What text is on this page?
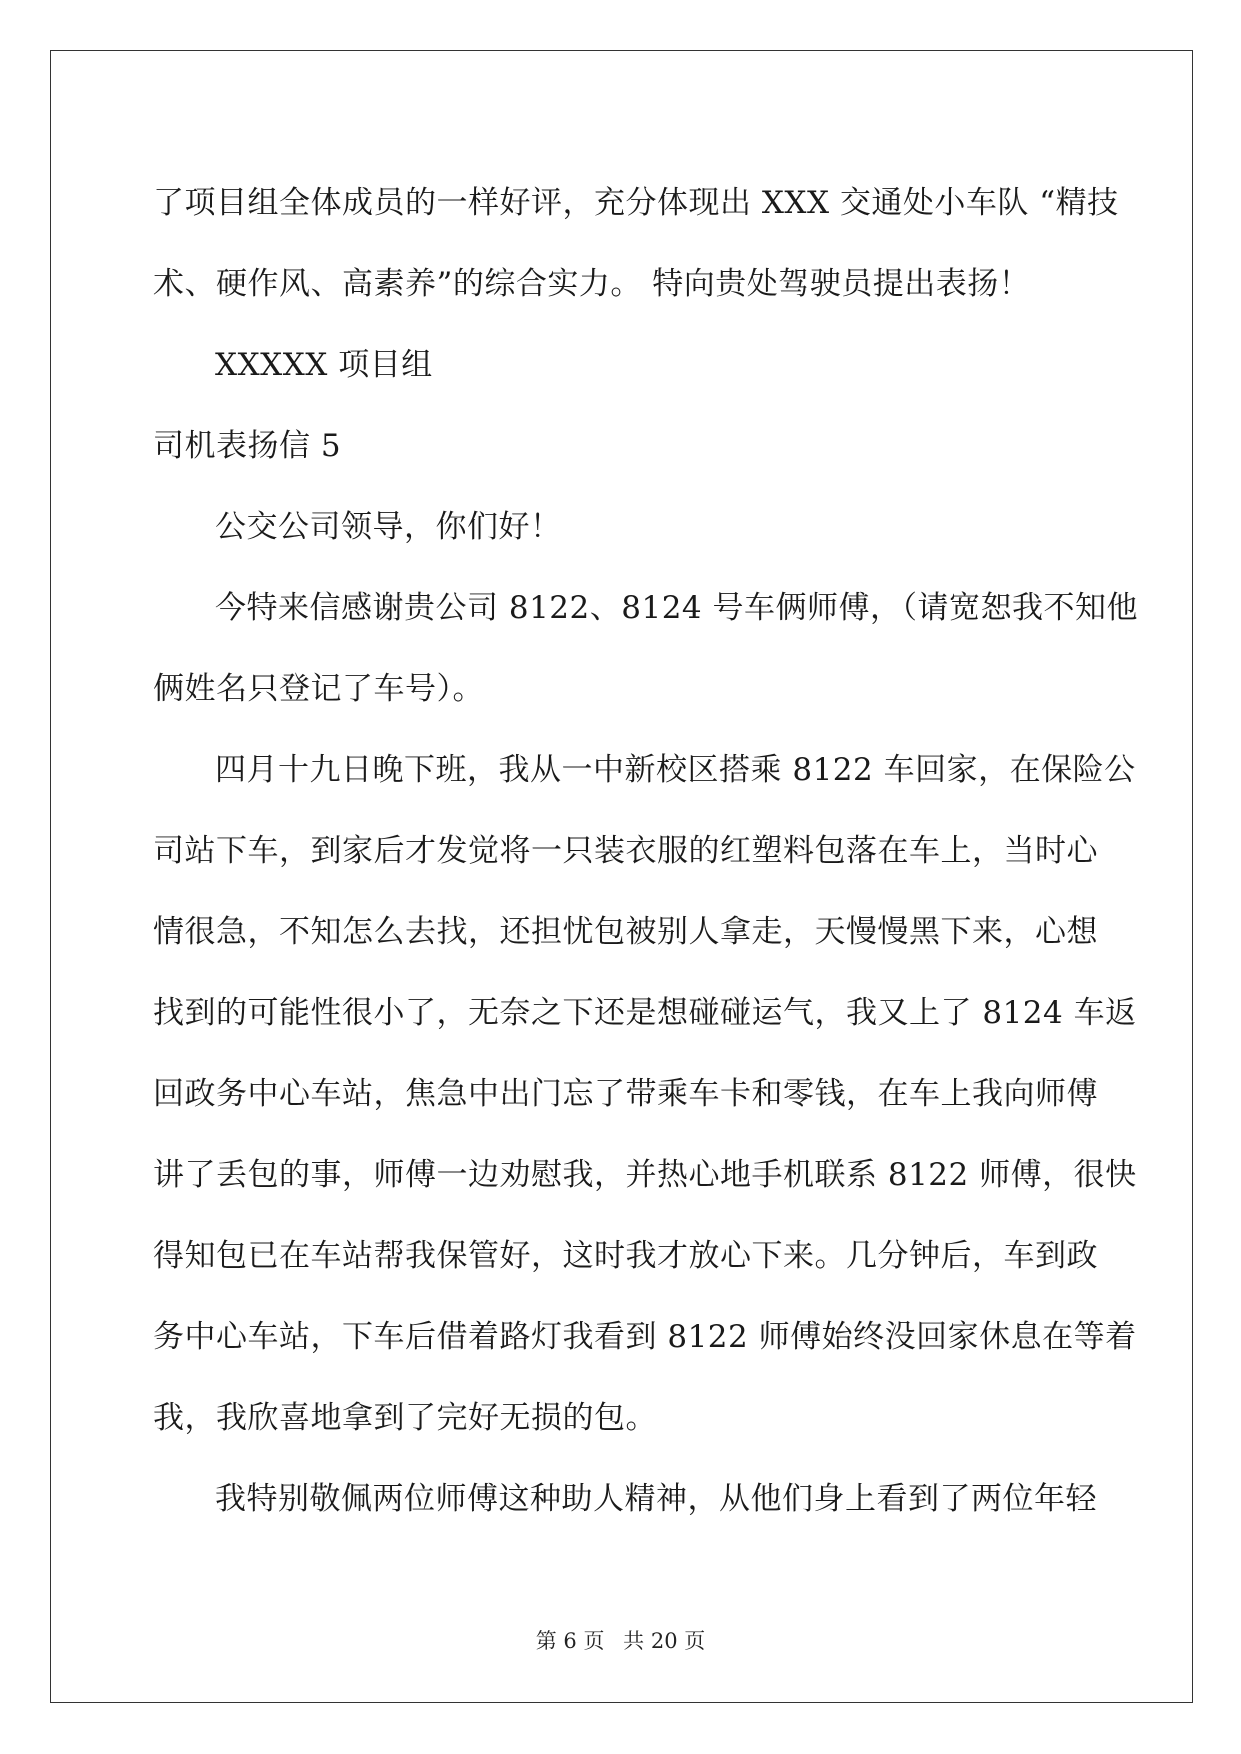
了项目组全体成员的一样好评，充分体现出 XXX 交通处小车队 “精技
术、硬作风、高素养”的综合实力。 特向贵处驾驶员提出表扬！
XXXXX 项目组
司机表扬信 5
公交公司领导，你们好！
今特来信感谢贵公司 8122、8124 号车俩师傅，（请宽恕我不知他
俩姓名只登记了车号）。
四月十九日晚下班，我从一中新校区搭乘 8122 车回家，在保险公
司站下车，到家后才发觉将一只装衣服的红塑料包落在车上，当时心
情很急，不知怎么去找，还担忧包被别人拿走，天慢慢黑下来，心想
找到的可能性很小了，无奈之下还是想碰碰运气，我又上了 8124 车返
回政务中心车站，焦急中出门忘了带乘车卡和零钱，在车上我向师傅
讲了丢包的事，师傅一边劝慰我，并热心地手机联系 8122 师傅，很快
得知包已在车站帮我保管好，这时我才放心下来。几分钟后，车到政
务中心车站，下车后借着路灯我看到 8122 师傅始终没回家休息在等着
我，我欣喜地拿到了完好无损的包。
我特别敬佩两位师傅这种助人精神，从他们身上看到了两位年轻
第 6 页 共 20 页
